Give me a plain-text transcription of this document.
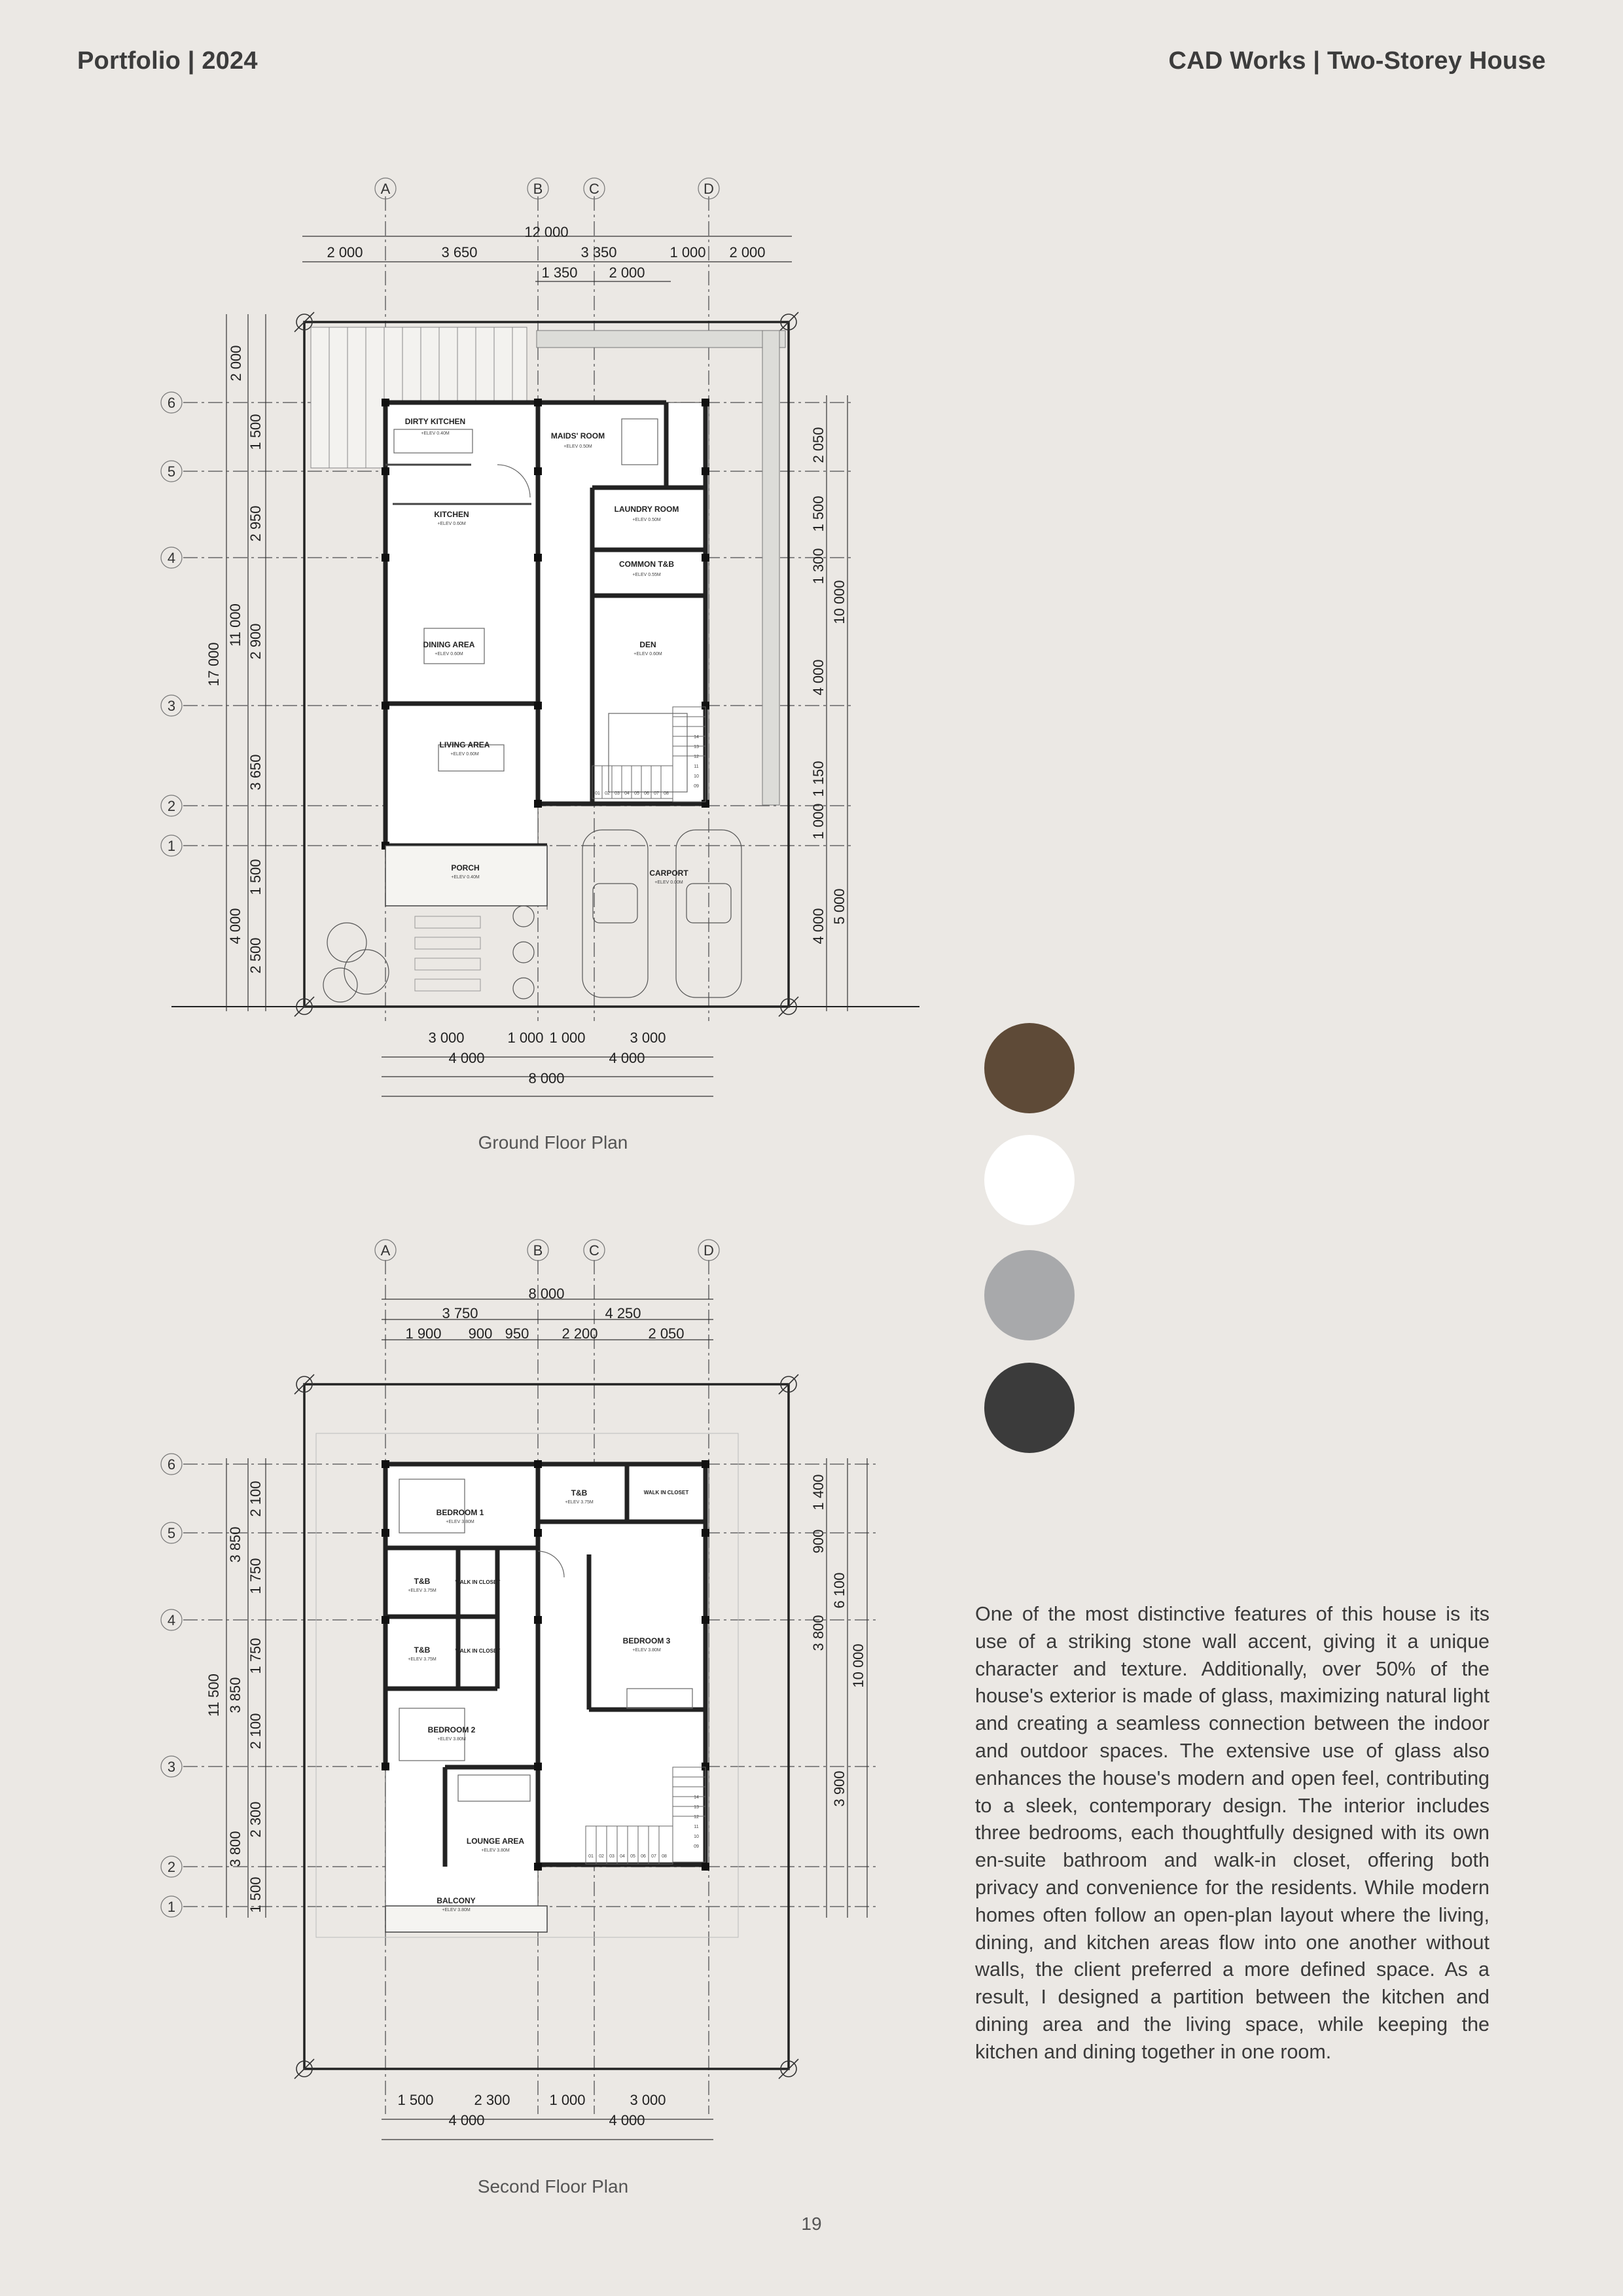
Portfolio | 2024	CAD Works | Two-Storey House
A	B	C	D
6
5
4
3
2
1
01 02 03 04 05 06 07 08
09
10
11
12
13
14
DIRTY KITCHEN
MAIDS' ROOM
KITCHEN
LAUNDRY ROOM
COMMON T&B
DINING AREA	DEN
LIVING AREA
PORCH
CARPORT
+ELEV 0.40M
+ELEV 0.50M
+ELEV 0.60M
+ELEV 0.50M
+ELEV 0.55M
+ELEV 0.60M	+ELEV 0.60M
+ELEV 0.60M
+ELEV 0.40M
+ELEV 0.00M
12 000
2 000	3 650	3 350	1 000 2 000
1 350 2 000
3 000	1 000 1 000	3 000
4 000	4 000
8 000
17 000
11 000
4 000
2 000
1 500
2 950
2 900
3 650
1 500
2 500
10 000
5 000
2 050
1 500
1 300
4 000
1 150
1 000
4 000
Ground Floor Plan
A	B	C	D
6
5
4
3
2
1
01 02 03 04 05 06 07 08
09
10
11
12
13
14
BEDROOM 1
T&B	WALK IN CLOSET
T&B	WALK IN CLOSET
T&B	WALK IN CLOSET
BEDROOM 3
BEDROOM 2
LOUNGE AREA
BALCONY
+ELEV 3.80M
+ELEV 3.75M
+ELEV 3.75M
+ELEV 3.75M
+ELEV 3.80M
+ELEV 3.80M
+ELEV 3.80M
+ELEV 3.80M
8 000
3 750	4 250
1 900 900 950 2 200	2 050
1 500	2 300	1 000	3 000
4 000	4 000
11 500
3 850
3 850
3 800
2 100
1 750
1 750
2 100
2 300
1 500
10 000
6 100
3 900
1 400
900
3 800
Second Floor Plan
One of the most distinctive features of this house is its use of a striking stone wall accent, giving it a unique character and texture. Additionally, over 50% of the house's exterior is made of glass, maximizing natural light and creating a seamless connection between the indoor and outdoor spaces. The extensive use of glass also enhances the house's modern and open feel, contributing to a sleek, contemporary design. The interior includes three bedrooms, each thoughtfully designed with its own en-suite bathroom and walk-in closet, offering both privacy and convenience for the residents. While modern homes often follow an open-plan layout where the living, dining, and kitchen areas flow into one another without walls, the client preferred a more defined space. As a result, I designed a partition between the kitchen and dining area and the living space, while keeping the kitchen and dining together in one room.
19
